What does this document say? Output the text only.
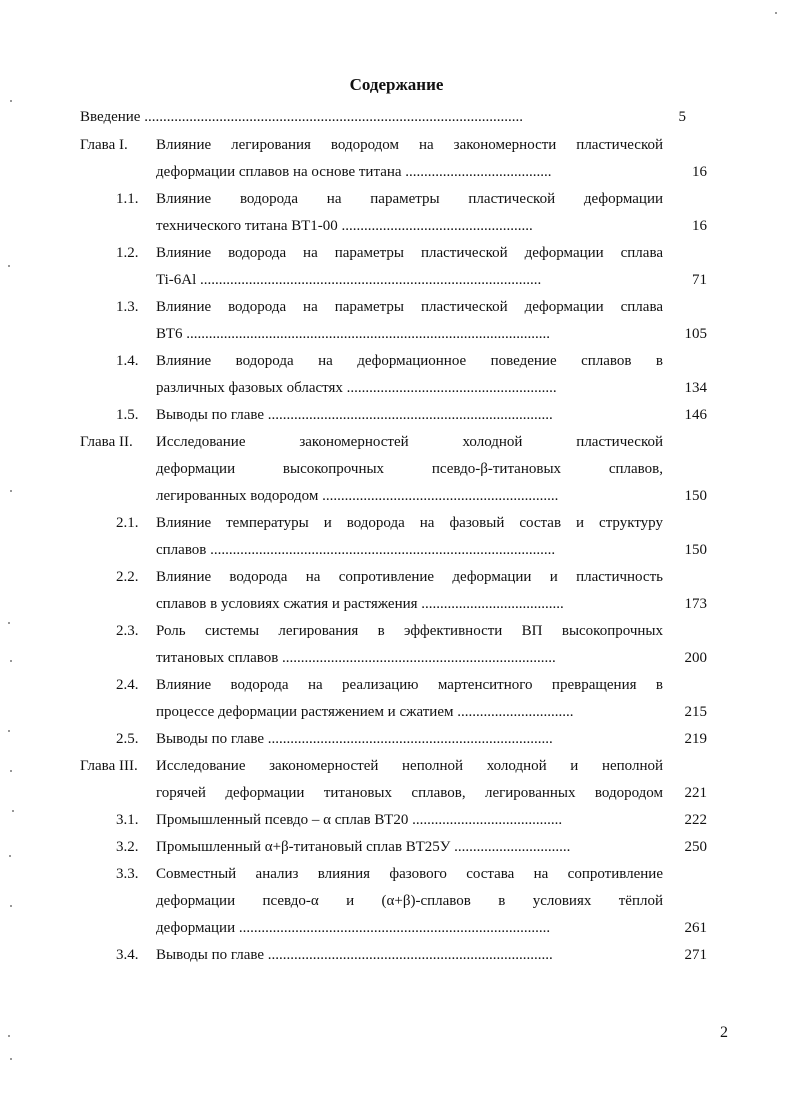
Содержание
Введение .....................................................................................................	5
Глава I. Влияние легирования водородом на закономерности пластической
деформации сплавов на основе титана .......................................	16
1.1. Влияние водорода на параметры пластической деформации
технического титана ВТ1-00 ...................................................	16
1.2. Влияние водорода на параметры пластической деформации сплава
Ti-6Al ...........................................................................................	71
1.3. Влияние водорода на параметры пластической деформации сплава
ВТ6 .................................................................................................	105
1.4. Влияние водорода на деформационное поведение сплавов в
различных фазовых областях ........................................................	134
1.5. Выводы по главе ............................................................................	146
Глава II. Исследование закономерностей холодной пластической
деформации высокопрочных псевдо-β-титановых сплавов,
легированных водородом ...............................................................	150
2.1. Влияние температуры и водорода на фазовый состав и структуру
сплавов ............................................................................................	150
2.2. Влияние водорода на сопротивление деформации и пластичность
сплавов в условиях сжатия и растяжения ......................................	173
2.3. Роль системы легирования в эффективности ВП высокопрочных
титановых сплавов .........................................................................	200
2.4. Влияние водорода на реализацию мартенситного превращения в
процессе деформации растяжением и сжатием ...............................	215
2.5. Выводы по главе ............................................................................	219
Глава III. Исследование закономерностей неполной холодной и неполной
горячей деформации титановых сплавов, легированных водородом	221
3.1. Промышленный псевдо – α сплав ВТ20 ........................................	222
3.2. Промышленный α+β-титановый сплав ВТ25У ...............................	250
3.3. Совместный анализ влияния фазового состава на сопротивление
деформации псевдо-α и (α+β)-сплавов в условиях тёплой
деформации ...................................................................................	261
3.4. Выводы по главе ............................................................................	271
2
